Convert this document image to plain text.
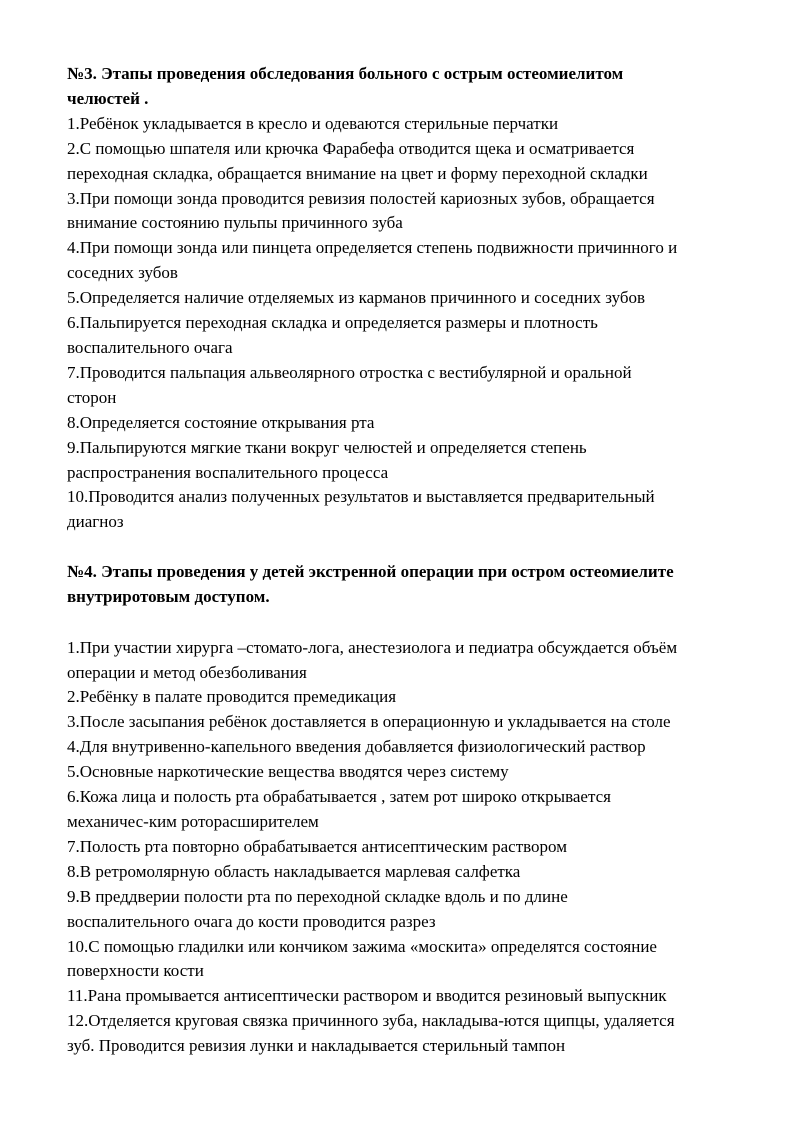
№3. Этапы проведения обследования больного с острым остеомиелитом
челюстей .

1.Ребёнок укладывается в кресло и одеваются стерильные перчатки

2.С помощью шпателя или крючка Фарабефа отводится щека и осматривается
переходная складка, обращается внимание на цвет и форму переходной складки

3.При помощи зонда проводится ревизия полостей кариозных зубов, обращается
внимание состоянию пульпы причинного зуба

4.При помощи зонда или пинцета определяется степень подвижности причинного и
соседних зубов

5.Определяется наличие отделяемых из карманов причинного и соседних зубов

6.Пальпируется переходная складка и определяется размеры и плотность
воспалительного очага

7.Проводится пальпация альвеолярного отростка с вестибулярной и оральной
сторон

8.Определяется состояние открывания рта

9.Пальпируются мягкие ткани вокруг челюстей и определяется степень
распространения воспалительного процесса

10.Проводится анализ полученных результатов и выставляется предварительный
диагноз

№4. Этапы проведения у детей экстренной операции при остром остеомиелите
внутриротовым доступом.

1.При участии хирурга –стомато-лога, анестезиолога и педиатра обсуждается объём
операции и метод обезболивания

2.Ребёнку в палате проводится премедикация

3.После засыпания ребёнок доставляется в операционную и укладывается на столе

4.Для внутривенно-капельного введения добавляется физиологический раствор

5.Основные наркотические вещества вводятся через систему

6.Кожа лица и полость рта обрабатывается , затем рот широко открывается
механичес-ким роторасширителем

7.Полость рта повторно обрабатывается антисептическим раствором

8.В ретромолярную область накладывается марлевая салфетка

9.В преддверии полости рта по переходной складке вдоль и по длине
воспалительного очага до кости проводится разрез

10.С помощью гладилки или кончиком зажима «москита» определятся состояние
поверхности кости

11.Рана промывается антисептически раствором и вводится резиновый выпускник

12.Отделяется круговая связка причинного зуба, накладыва-ются щипцы, удаляется
зуб. Проводится ревизия лунки и накладывается стерильный тампон
